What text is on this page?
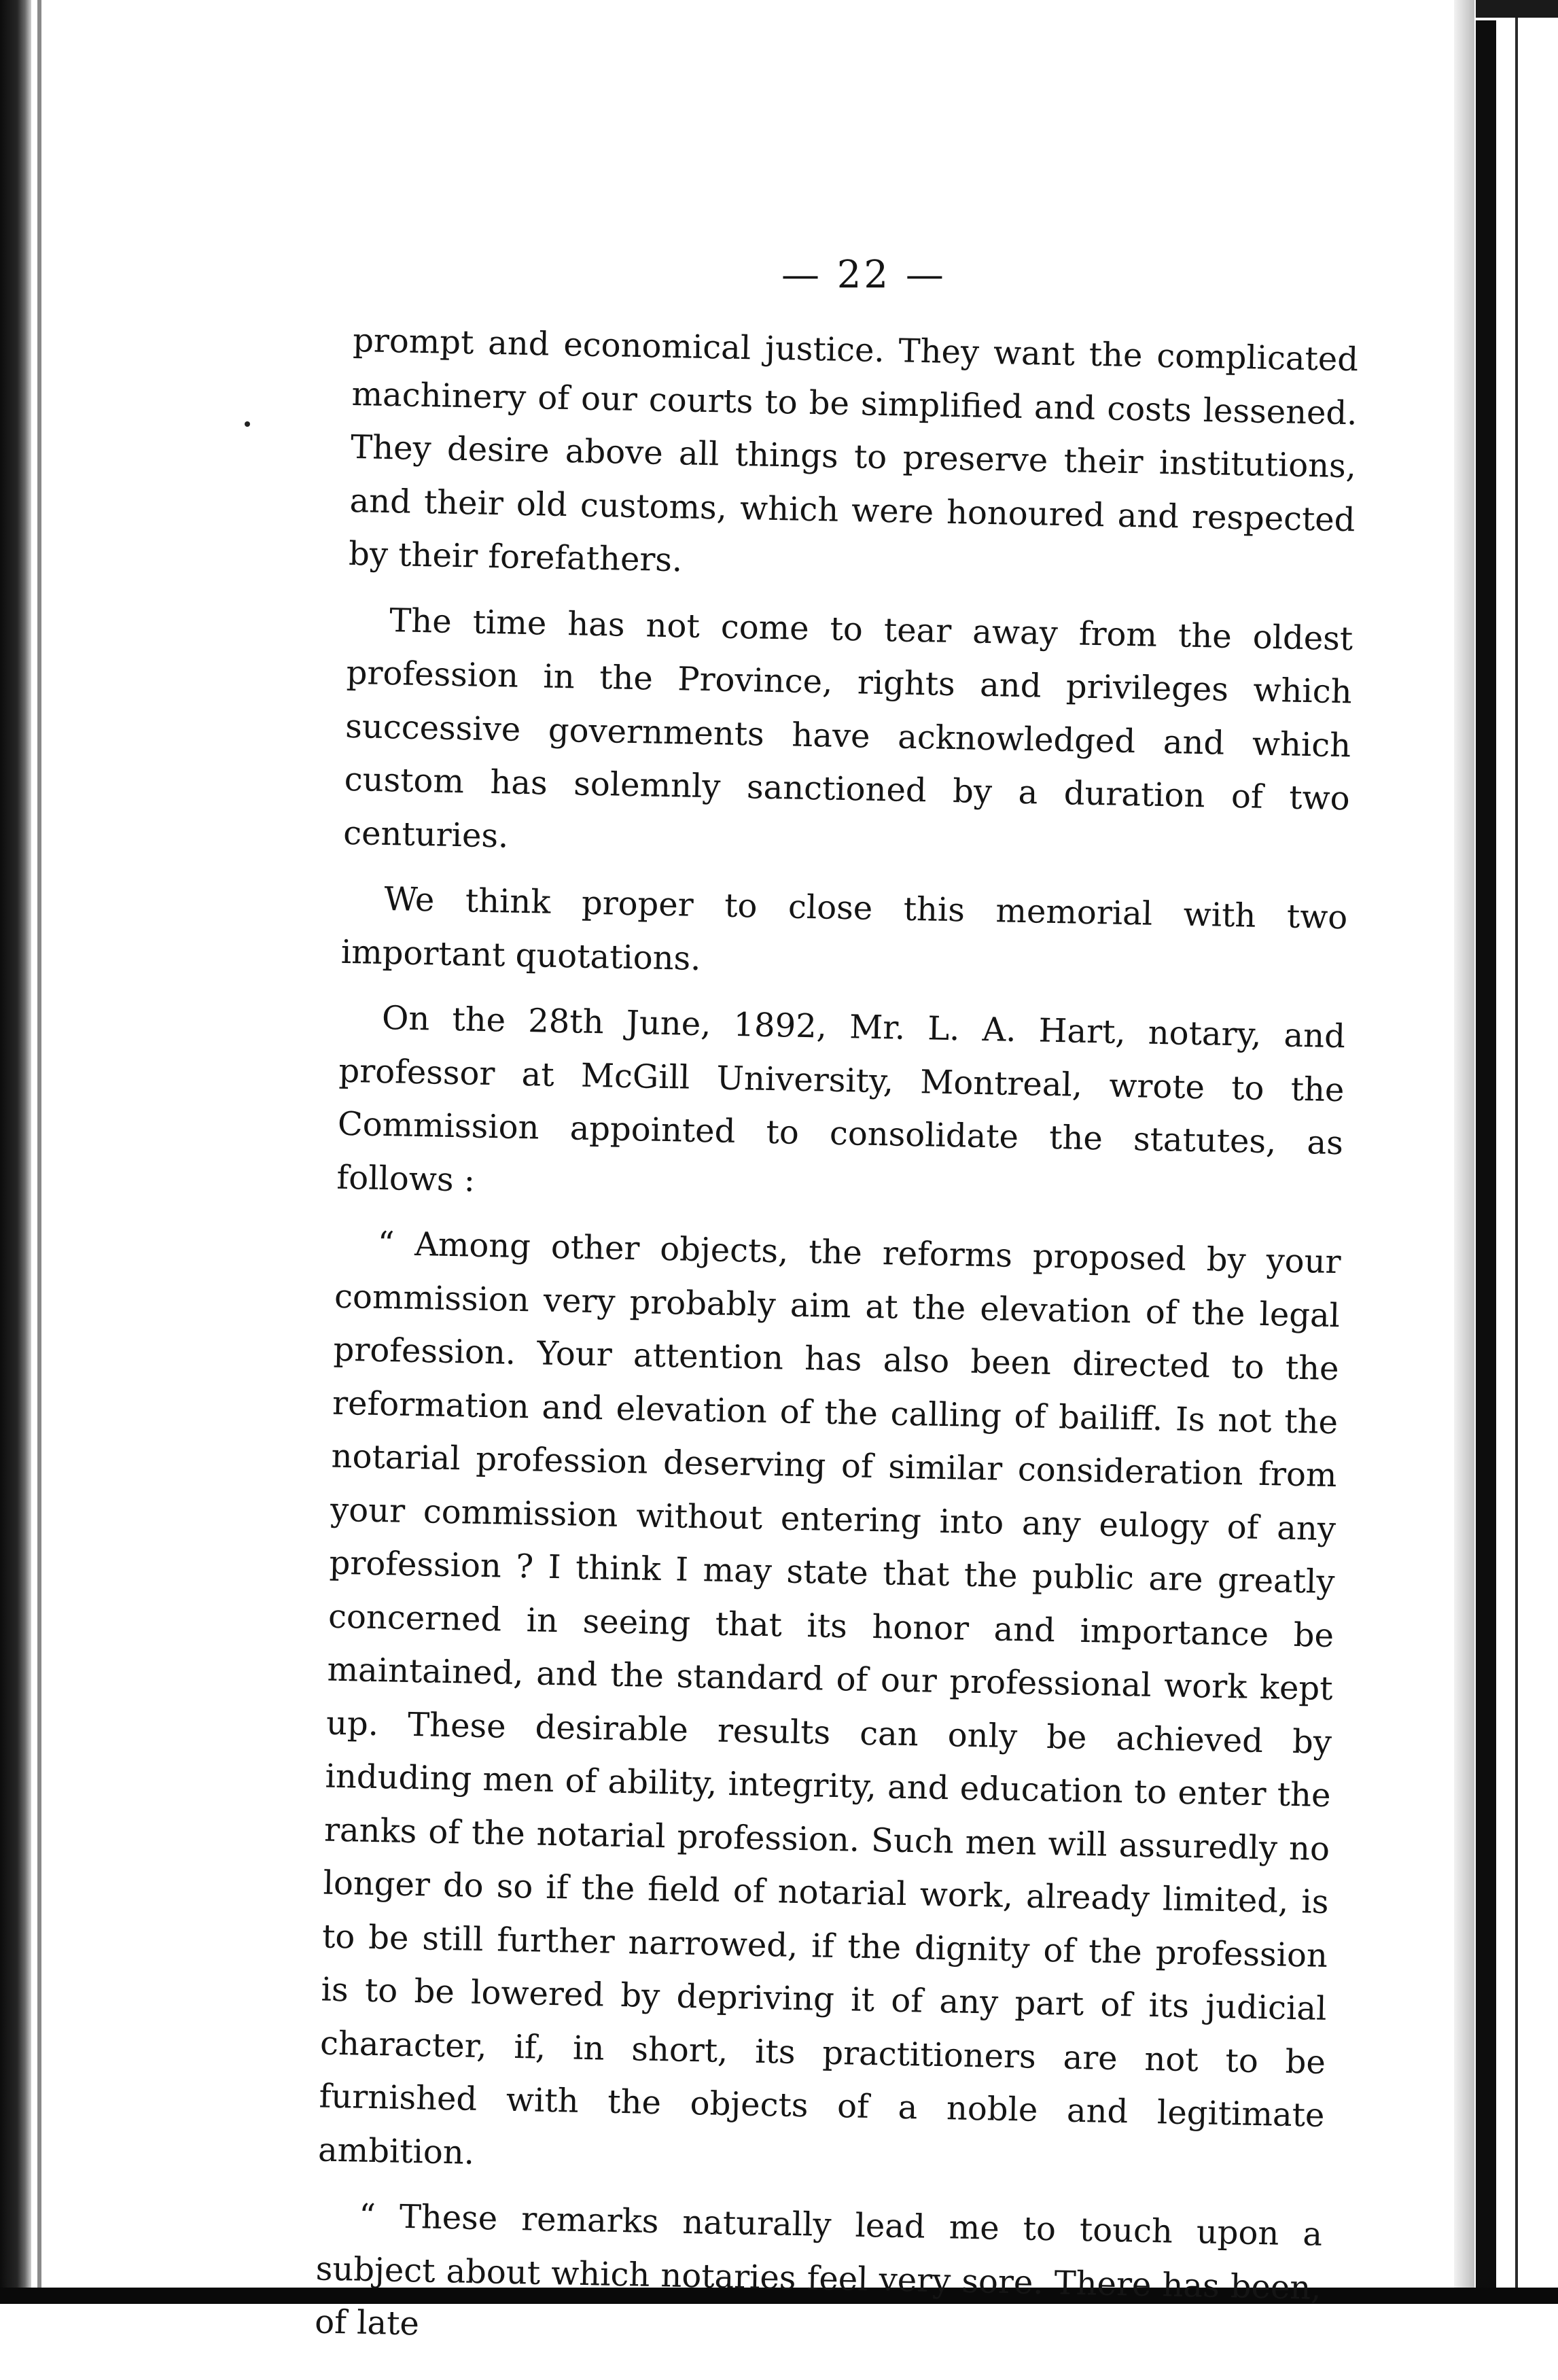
— 22 —

prompt and economical justice. They want the complicated machinery of our courts to be simplified and costs lessened. They desire above all things to preserve their institutions, and their old customs, which were honoured and respected by their forefathers.

The time has not come to tear away from the oldest profession in the Province, rights and privileges which successive governments have acknowledged and which custom has solemnly sanctioned by a duration of two centuries.

We think proper to close this memorial with two important quotations.

On the 28th June, 1892, Mr. L. A. Hart, notary, and professor at McGill University, Montreal, wrote to the Commission appointed to consolidate the statutes, as follows :

“ Among other objects, the reforms proposed by your commission very probably aim at the elevation of the legal profession. Your attention has also been directed to the reformation and elevation of the calling of bailiff. Is not the notarial profession deserving of similar consideration from your commission without entering into any eulogy of any profession ? I think I may state that the public are greatly concerned in seeing that its honor and importance be maintained, and the standard of our professional work kept up. These desirable results can only be achieved by induding men of ability, integrity, and education to enter the ranks of the notarial profession. Such men will assuredly no longer do so if the field of notarial work, already limited, is to be still further narrowed, if the dignity of the profession is to be lowered by depriving it of any part of its judicial character, if, in short, its practitioners are not to be furnished with the objects of a noble and legitimate ambition.

“ These remarks naturally lead me to touch upon a subject about which notaries feel very sore. There has been, of late
